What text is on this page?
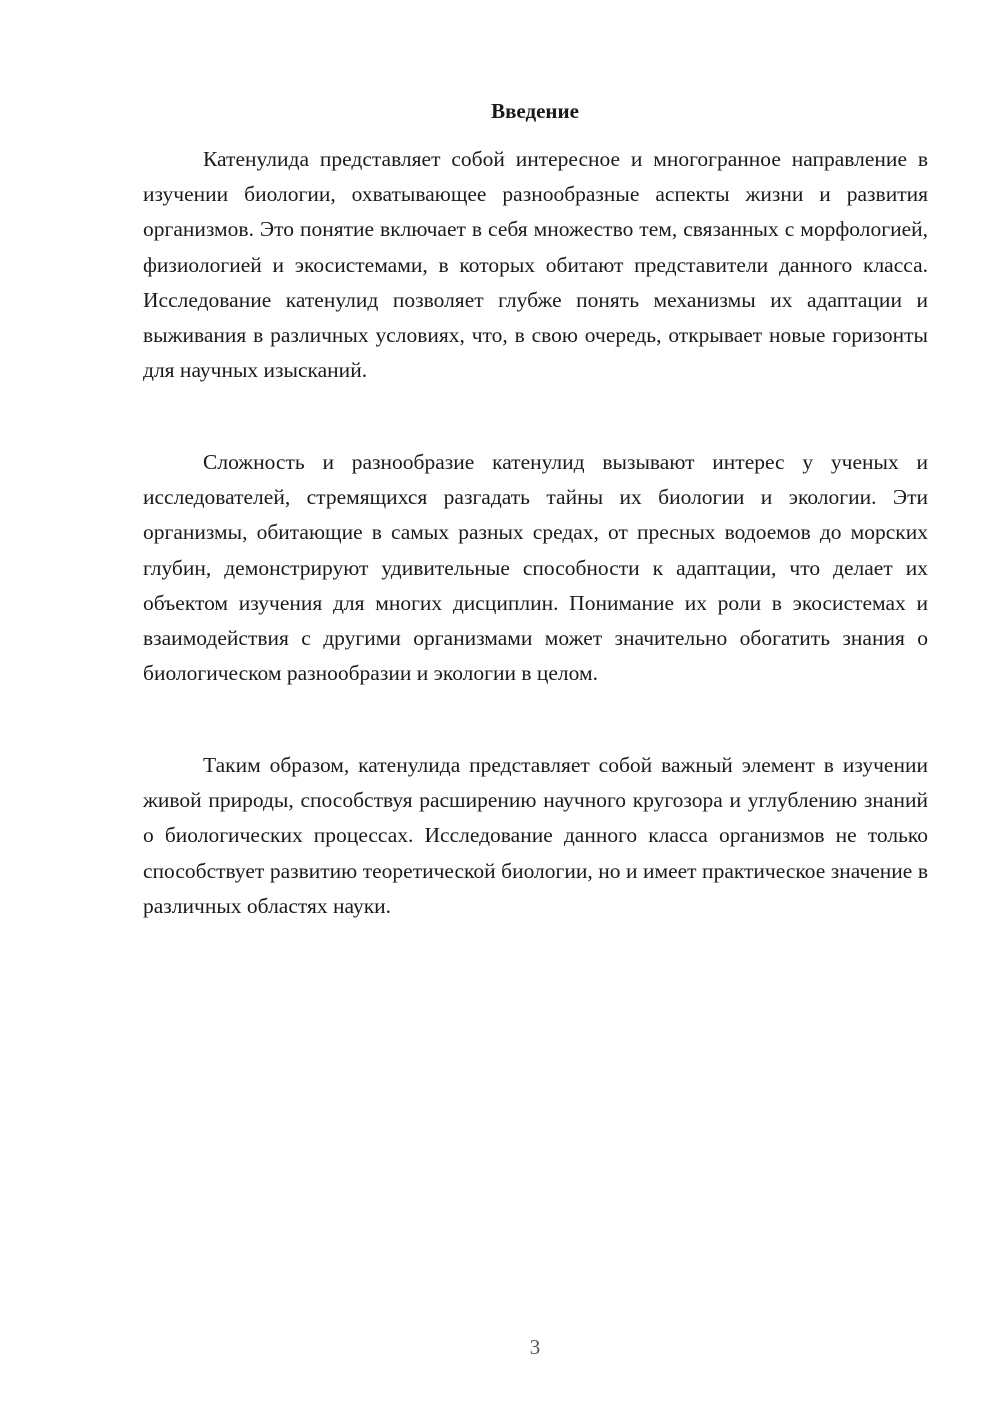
Введение

Катенулида представляет собой интересное и многогранное направление в изучении биологии, охватывающее разнообразные аспекты жизни и развития организмов. Это понятие включает в себя множество тем, связанных с морфологией, физиологией и экосистемами, в которых обитают представители данного класса. Исследование катенулид позволяет глубже понять механизмы их адаптации и выживания в различных условиях, что, в свою очередь, открывает новые горизонты для научных изысканий.

Сложность и разнообразие катенулид вызывают интерес у ученых и исследователей, стремящихся разгадать тайны их биологии и экологии. Эти организмы, обитающие в самых разных средах, от пресных водоемов до морских глубин, демонстрируют удивительные способности к адаптации, что делает их объектом изучения для многих дисциплин. Понимание их роли в экосистемах и взаимодействия с другими организмами может значительно обогатить знания о биологическом разнообразии и экологии в целом.

Таким образом, катенулида представляет собой важный элемент в изучении живой природы, способствуя расширению научного кругозора и углублению знаний о биологических процессах. Исследование данного класса организмов не только способствует развитию теоретической биологии, но и имеет практическое значение в различных областях науки.

3
